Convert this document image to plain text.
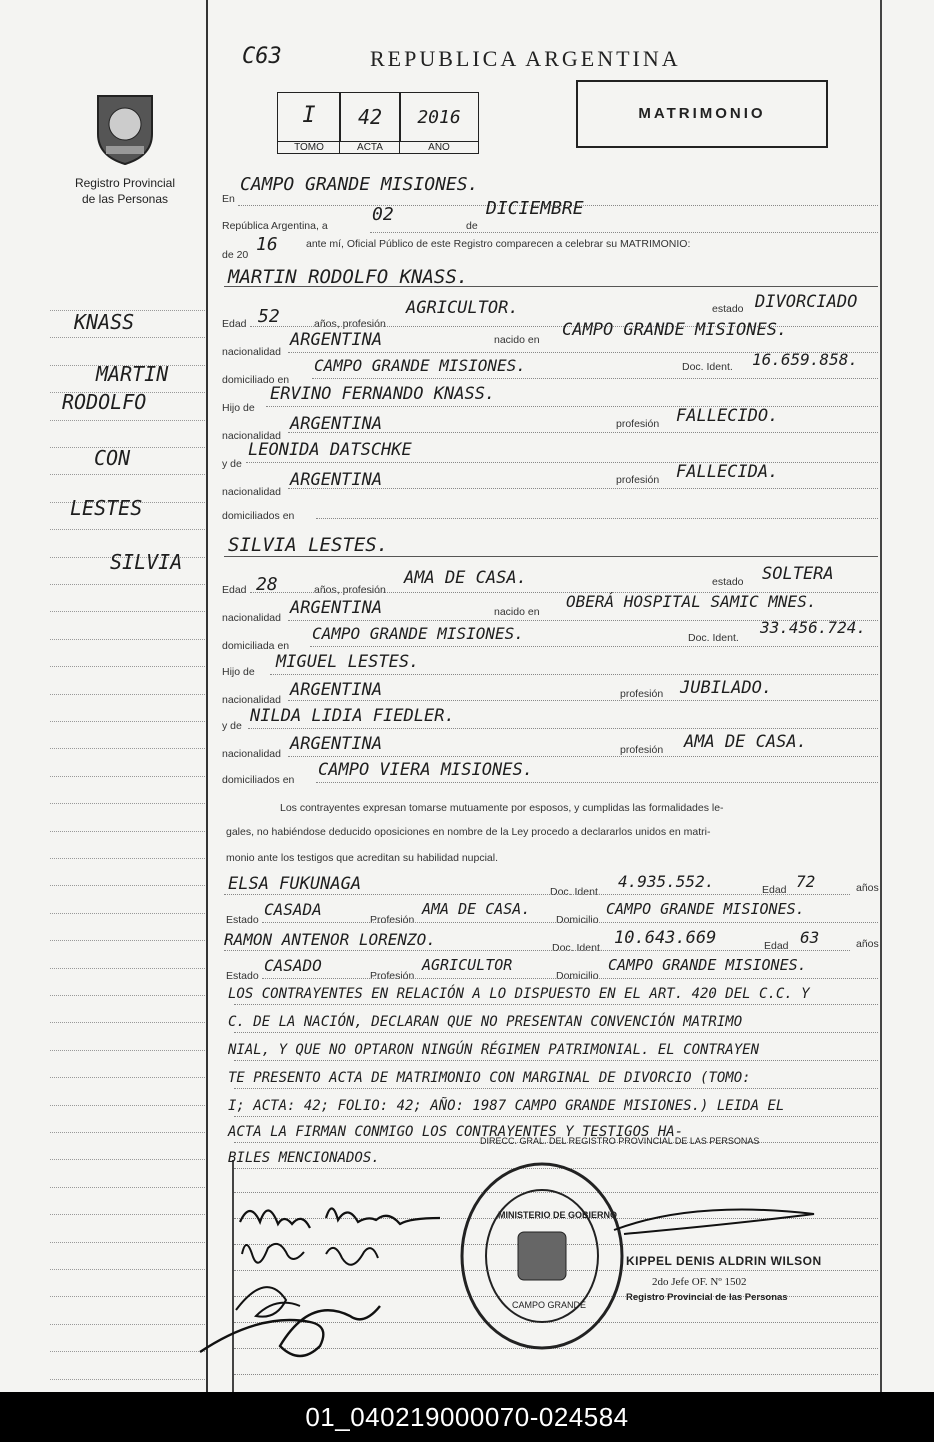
C63	REPUBLICA ARGENTINA
MATRIMONIO
I
TOMO
42
ACTA
2016
AÑO
Registro Provincial
de las Personas
KNASS
MARTIN
RODOLFO
CON
LESTES
SILVIA
En
CAMPO GRANDE MISIONES.
República Argentina, a
02
de
DICIEMBRE
de 20 16	ante mí, Oficial Público de este Registro comparecen a celebrar su MATRIMONIO:
MARTIN RODOLFO KNASS.
Edad 52	años, profesión
AGRICULTOR.	estado DIVORCIADO
nacionalidad
ARGENTINA	nacido en CAMPO GRANDE MISIONES.
domiciliado en
CAMPO GRANDE MISIONES.	Doc. Ident. 16.659.858.
Hijo de
ERVINO FERNANDO KNASS.
nacionalidad
ARGENTINA	profesión FALLECIDO.
y de
LEONIDA DATSCHKE
nacionalidad
ARGENTINA	profesión FALLECIDA.
domiciliados en
SILVIA LESTES.
Edad 28	años, profesión
AMA DE CASA.	estado SOLTERA
nacionalidad ARGENTINA	nacido en
OBERÁ HOSPITAL SAMIC MNES.
domiciliada en
CAMPO GRANDE MISIONES.	Doc. Ident.
33.456.724.
Hijo de MIGUEL LESTES.
nacionalidad ARGENTINA	profesión JUBILADO.
y de NILDA LIDIA FIEDLER.
nacionalidad ARGENTINA	profesión AMA DE CASA.
domiciliados en CAMPO VIERA MISIONES.
Los contrayentes expresan tomarse mutuamente por esposos, y cumplidas las formalidades le-
gales, no habiéndose deducido oposiciones en nombre de la Ley procedo a declararlos unidos en matri-
monio ante los testigos que acreditan su habilidad nupcial.
ELSA FUKUNAGA	Doc. Ident.
4.935.552.	Edad 72	años
Estado
CASADA
Profesión
AMA DE CASA.
Domicilio
CAMPO GRANDE MISIONES.
RAMON ANTENOR LORENZO.	Doc. Ident. 10.643.669	Edad 63	años
Estado
CASADO
Profesión
AGRICULTOR
Domicilio
CAMPO GRANDE MISIONES.
LOS CONTRAYENTES EN RELACIÓN A LO DISPUESTO EN EL ART. 420 DEL C.C. Y
C. DE LA NACIÓN, DECLARAN QUE NO PRESENTAN CONVENCIÓN MATRIMO
NIAL, Y QUE NO OPTARON NINGÚN RÉGIMEN PATRIMONIAL. EL CONTRAYEN
TE PRESENTO ACTA DE MATRIMONIO CON MARGINAL DE DIVORCIO (TOMO:
I; ACTA: 42; FOLIO: 42; AÑO: 1987 CAMPO GRANDE MISIONES.) LEIDA EL
ACTA LA FIRMAN CONMIGO LOS CONTRAYENTES Y TESTIGOS HA-
BILES MENCIONADOS.
DIRECC. GRAL. DEL REGISTRO PROVINCIAL DE LAS PERSONAS
MINISTERIO DE GOBIERNO
CAMPO GRANDE
KIPPEL DENIS ALDRIN WILSON
2do Jefe OF. Nº 1502
Registro Provincial de las Personas
01_040219000070-024584
